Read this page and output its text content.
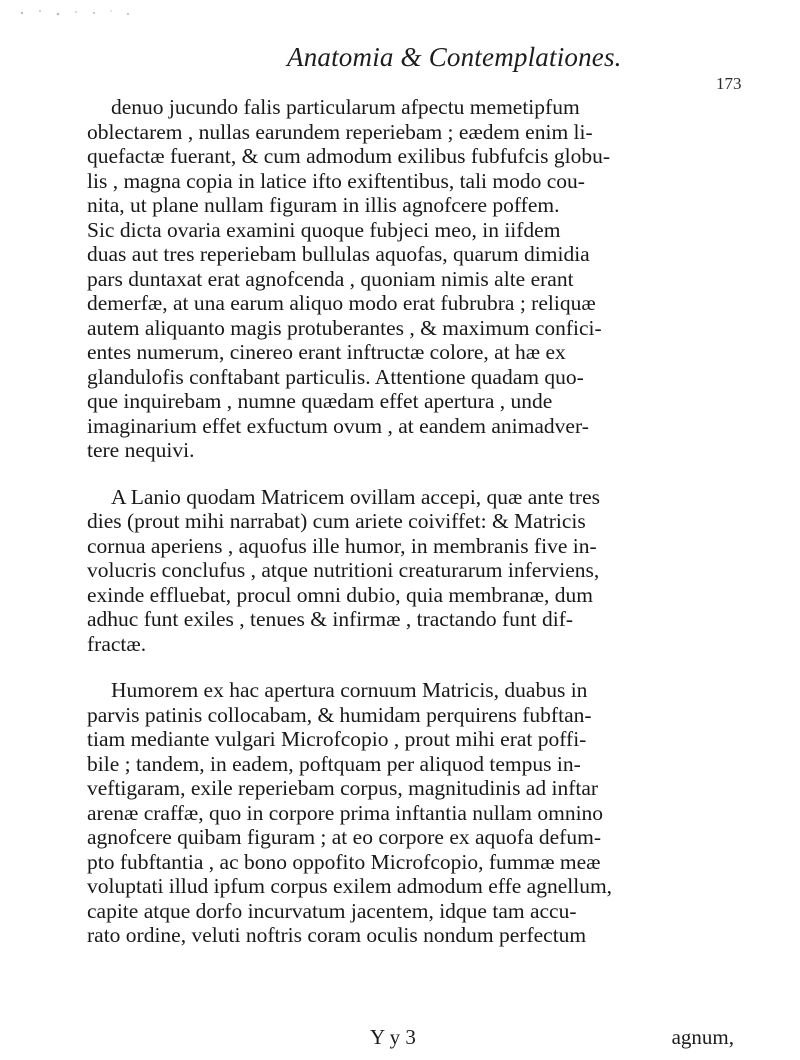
Anatomia & Contemplationes.
173
denuo jucundo falis particularum afpectu memetipfum
oblectarem , nullas earundem reperiebam ; eædem enim li-
quefactæ fuerant, & cum admodum exilibus fubfufcis globu-
lis , magna copia in latice ifto exiftentibus, tali modo cou-
nita, ut plane nullam figuram in illis agnofcere poffem.
Sic dicta ovaria examini quoque fubjeci meo, in iifdem
duas aut tres reperiebam bullulas aquofas, quarum dimidia
pars duntaxat erat agnofcenda , quoniam nimis alte erant
demerfæ, at una earum aliquo modo erat fubrubra ; reliquæ
autem aliquanto magis protuberantes , & maximum confici-
entes numerum, cinereo erant inftructæ colore, at hæ ex
glandulofis conftabant particulis. Attentione quadam quo-
que inquirebam , numne quædam effet apertura , unde
imaginarium effet exfuctum ovum , at eandem animadver-
tere nequivi.
A Lanio quodam Matricem ovillam accepi, quæ ante tres
dies (prout mihi narrabat) cum ariete coiviffet: & Matricis
cornua aperiens , aquofus ille humor, in membranis five in-
volucris conclufus , atque nutritioni creaturarum inferviens,
exinde effluebat, procul omni dubio, quia membranæ, dum
adhuc funt exiles , tenues & infirmæ , tractando funt dif-
fractæ.
Humorem ex hac apertura cornuum Matricis, duabus in
parvis patinis collocabam, & humidam perquirens fubftan-
tiam mediante vulgari Microfcopio , prout mihi erat poffi-
bile ; tandem, in eadem, poftquam per aliquod tempus in-
veftigaram, exile reperiebam corpus, magnitudinis ad inftar
arenæ craffæ, quo in corpore prima inftantia nullam omnino
agnofcere quibam figuram ; at eo corpore ex aquofa defum-
pto fubftantia , ac bono oppofito Microfcopio, fummæ meæ
voluptati illud ipfum corpus exilem admodum effe agnellum,
capite atque dorfo incurvatum jacentem, idque tam accu-
rato ordine, veluti noftris coram oculis nondum perfectum
Y y 3	agnum,
